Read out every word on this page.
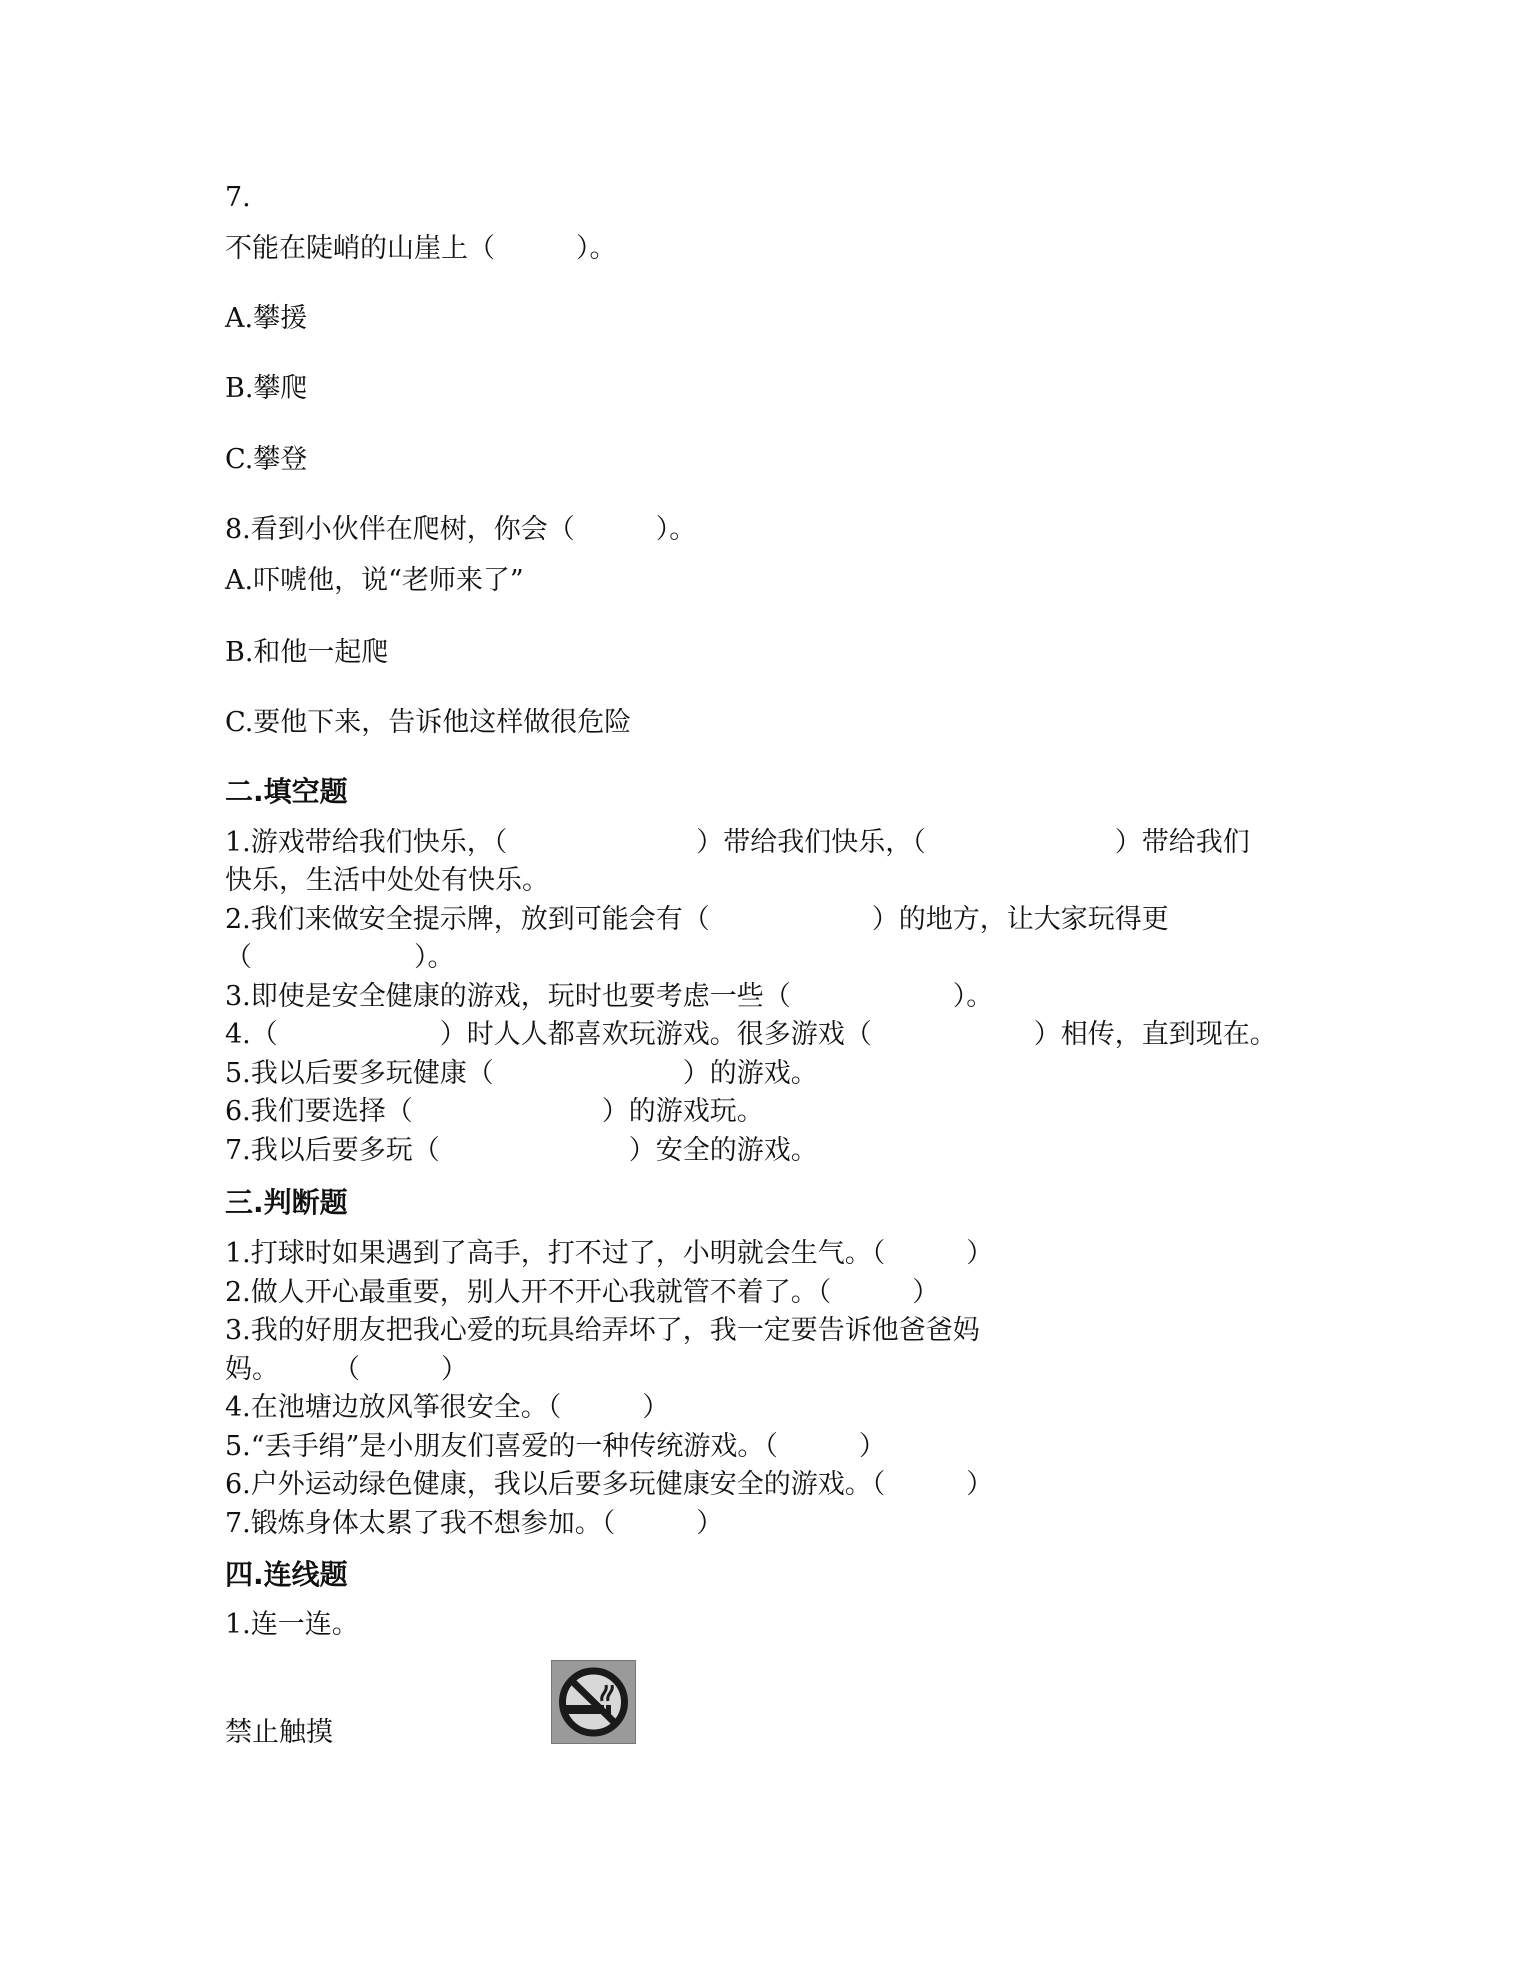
7.
不能在陡峭的山崖上（　　　）。
A.攀援
B.攀爬
C.攀登
8.看到小伙伴在爬树，你会（　　　）。
A.吓唬他，说“老师来了”
B.和他一起爬
C.要他下来，告诉他这样做很危险
二.填空题
1.游戏带给我们快乐，（　　　　　　　）带给我们快乐，（　　　　　　　）带给我们
快乐，生活中处处有快乐。
2.我们来做安全提示牌，放到可能会有（　　　　　　）的地方，让大家玩得更
（　　　　　　）。
3.即使是安全健康的游戏，玩时也要考虑一些（　　　　　　）。
4.（　　　　　　）时人人都喜欢玩游戏。很多游戏（　　　　　　）相传，直到现在。
5.我以后要多玩健康（　　　　　　　）的游戏。
6.我们要选择（　　　　　　　）的游戏玩。
7.我以后要多玩（　　　　　　　）安全的游戏。
三.判断题
1.打球时如果遇到了高手，打不过了，小明就会生气。（　　　）
2.做人开心最重要，别人开不开心我就管不着了。（　　　）
3.我的好朋友把我心爱的玩具给弄坏了，我一定要告诉他爸爸妈
妈。　　　（　　　）
4.在池塘边放风筝很安全。（　　　）
5.“丢手绢”是小朋友们喜爱的一种传统游戏。（　　　）
6.户外运动绿色健康，我以后要多玩健康安全的游戏。（　　　）
7.锻炼身体太累了我不想参加。（　　　）
四.连线题
1.连一连。
禁止触摸
